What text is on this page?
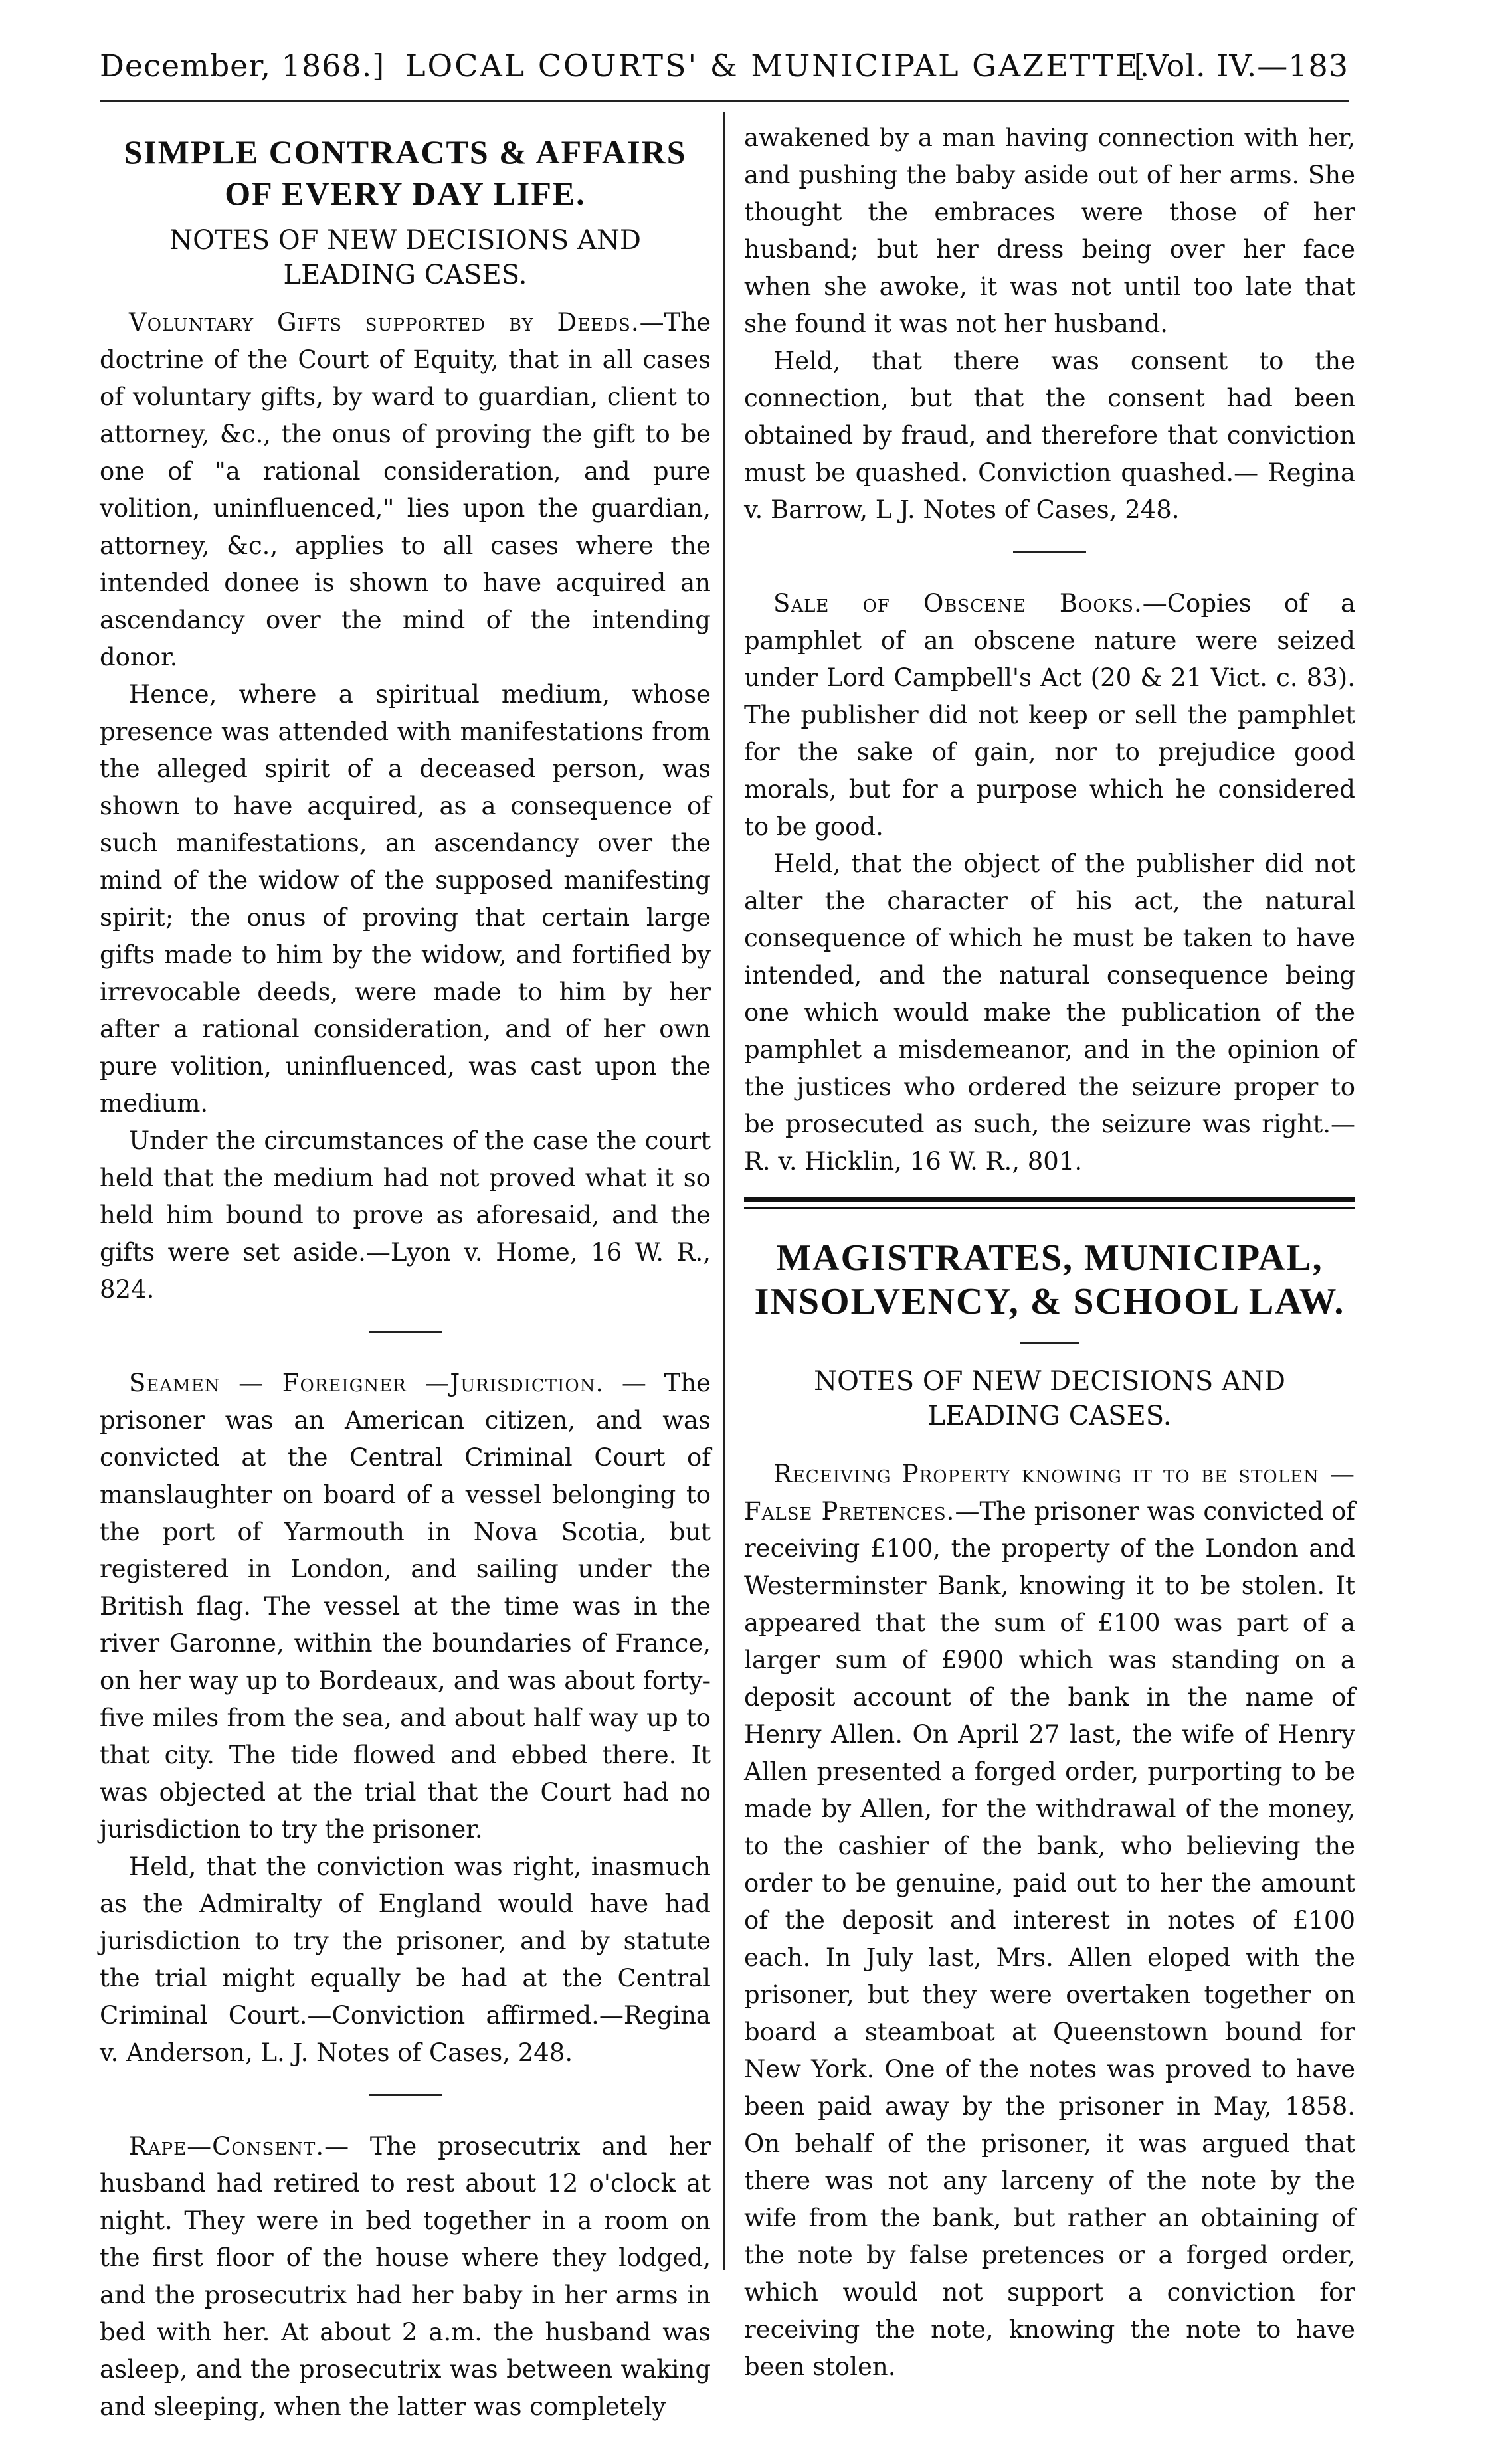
December, 1868.] LOCAL COURTS' & MUNICIPAL GAZETTE.
[Vol. IV.—183
SIMPLE CONTRACTS & AFFAIRS OF EVERY DAY LIFE.
NOTES OF NEW DECISIONS AND LEADING CASES.

Voluntary Gifts supported by Deeds.—The doctrine of the Court of Equity, that in all cases of voluntary gifts, by ward to guardian, client to attorney, &c., the onus of proving the gift to be one of "a rational consideration, and pure volition, uninfluenced," lies upon the guardian, attorney, &c., applies to all cases where the intended donee is shown to have acquired an ascendancy over the mind of the intending donor.

Hence, where a spiritual medium, whose presence was attended with manifestations from the alleged spirit of a deceased person, was shown to have acquired, as a consequence of such manifestations, an ascendancy over the mind of the widow of the supposed manifesting spirit; the onus of proving that certain large gifts made to him by the widow, and fortified by irrevocable deeds, were made to him by her after a rational consideration, and of her own pure volition, uninfluenced, was cast upon the medium.

Under the circumstances of the case the court held that the medium had not proved what it so held him bound to prove as aforesaid, and the gifts were set aside.—Lyon v. Home, 16 W. R., 824.

Seamen — Foreigner —Jurisdiction. — The prisoner was an American citizen, and was convicted at the Central Criminal Court of manslaughter on board of a vessel belonging to the port of Yarmouth in Nova Scotia, but registered in London, and sailing under the British flag. The vessel at the time was in the river Garonne, within the boundaries of France, on her way up to Bordeaux, and was about forty-five miles from the sea, and about half way up to that city. The tide flowed and ebbed there. It was objected at the trial that the Court had no jurisdiction to try the prisoner.

Held, that the conviction was right, inasmuch as the Admiralty of England would have had jurisdiction to try the prisoner, and by statute the trial might equally be had at the Central Criminal Court.—Conviction affirmed.—Regina v. Anderson, L. J. Notes of Cases, 248.

Rape—Consent.— The prosecutrix and her husband had retired to rest about 12 o'clock at night. They were in bed together in a room on the first floor of the house where they lodged, and the prosecutrix had her baby in her arms in bed with her. At about 2 a.m. the husband was asleep, and the prosecutrix was between waking and sleeping, when the latter was completely

awakened by a man having connection with her, and pushing the baby aside out of her arms. She thought the embraces were those of her husband; but her dress being over her face when she awoke, it was not until too late that she found it was not her husband.

Held, that there was consent to the connection, but that the consent had been obtained by fraud, and therefore that conviction must be quashed. Conviction quashed.— Regina v. Barrow, L J. Notes of Cases, 248.

Sale of Obscene Books.—Copies of a pamphlet of an obscene nature were seized under Lord Campbell's Act (20 & 21 Vict. c. 83). The publisher did not keep or sell the pamphlet for the sake of gain, nor to prejudice good morals, but for a purpose which he considered to be good.

Held, that the object of the publisher did not alter the character of his act, the natural consequence of which he must be taken to have intended, and the natural consequence being one which would make the publication of the pamphlet a misdemeanor, and in the opinion of the justices who ordered the seizure proper to be prosecuted as such, the seizure was right.—R. v. Hicklin, 16 W. R., 801.

MAGISTRATES, MUNICIPAL, INSOLVENCY, & SCHOOL LAW.
NOTES OF NEW DECISIONS AND LEADING CASES.

Receiving Property knowing it to be stolen —False Pretences.—The prisoner was convicted of receiving £100, the property of the London and Westerminster Bank, knowing it to be stolen. It appeared that the sum of £100 was part of a larger sum of £900 which was standing on a deposit account of the bank in the name of Henry Allen. On April 27 last, the wife of Henry Allen presented a forged order, purporting to be made by Allen, for the withdrawal of the money, to the cashier of the bank, who believing the order to be genuine, paid out to her the amount of the deposit and interest in notes of £100 each. In July last, Mrs. Allen eloped with the prisoner, but they were overtaken together on board a steamboat at Queenstown bound for New York. One of the notes was proved to have been paid away by the prisoner in May, 1858. On behalf of the prisoner, it was argued that there was not any larceny of the note by the wife from the bank, but rather an obtaining of the note by false pretences or a forged order, which would not support a conviction for receiving the note, knowing the note to have been stolen.
